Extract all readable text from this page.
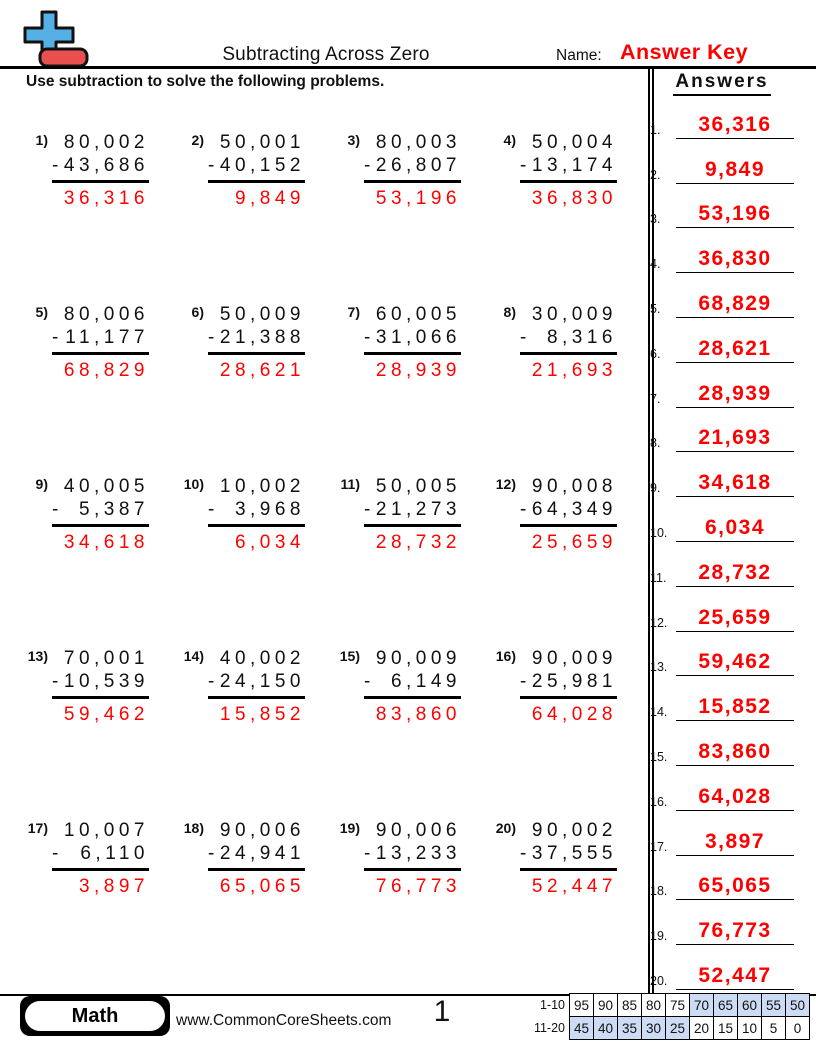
Subtracting Across Zero	Name: Answer Key
Use subtraction to solve the following problems.
1) 80,002
- 43,686
36,316
2) 50,001
- 40,152
9,849
3) 80,003
- 26,807
53,196
4) 50,004
- 13,174
36,830
5) 80,006
- 11,177
68,829
6) 50,009
- 21,388
28,621
7) 60,005
- 31,066
28,939
8) 30,009
- 8,316
21,693
9) 40,005
- 5,387
34,618
10) 10,002
- 3,968
6,034
11) 50,005
- 21,273
28,732
12) 90,008
- 64,349
25,659
13) 70,001
- 10,539
59,462
14) 40,002
- 24,150
15,852
15) 90,009
- 6,149
83,860
16) 90,009
- 25,981
64,028
17) 10,007
- 6,110
3,897
18) 90,006
- 24,941
65,065
19) 90,006
- 13,233
76,773
20) 90,002
- 37,555
52,447
Answers
1.	36,316
2.	9,849
3.	53,196
4.	36,830
5.	68,829
6.	28,621
7.	28,939
8.	21,693
9.	34,618
10.	6,034
11.	28,732
12.	25,659
13.	59,462
14.	15,852
15.	83,860
16.	64,028
17.	3,897
18.	65,065
19.	76,773
20.	52,447
Math	www.CommonCoreSheets.com	1	1-10	95	90	85	80	75	70	65	60	55	50
11-20	45	40	35	30	25	20	15	10	5	0
